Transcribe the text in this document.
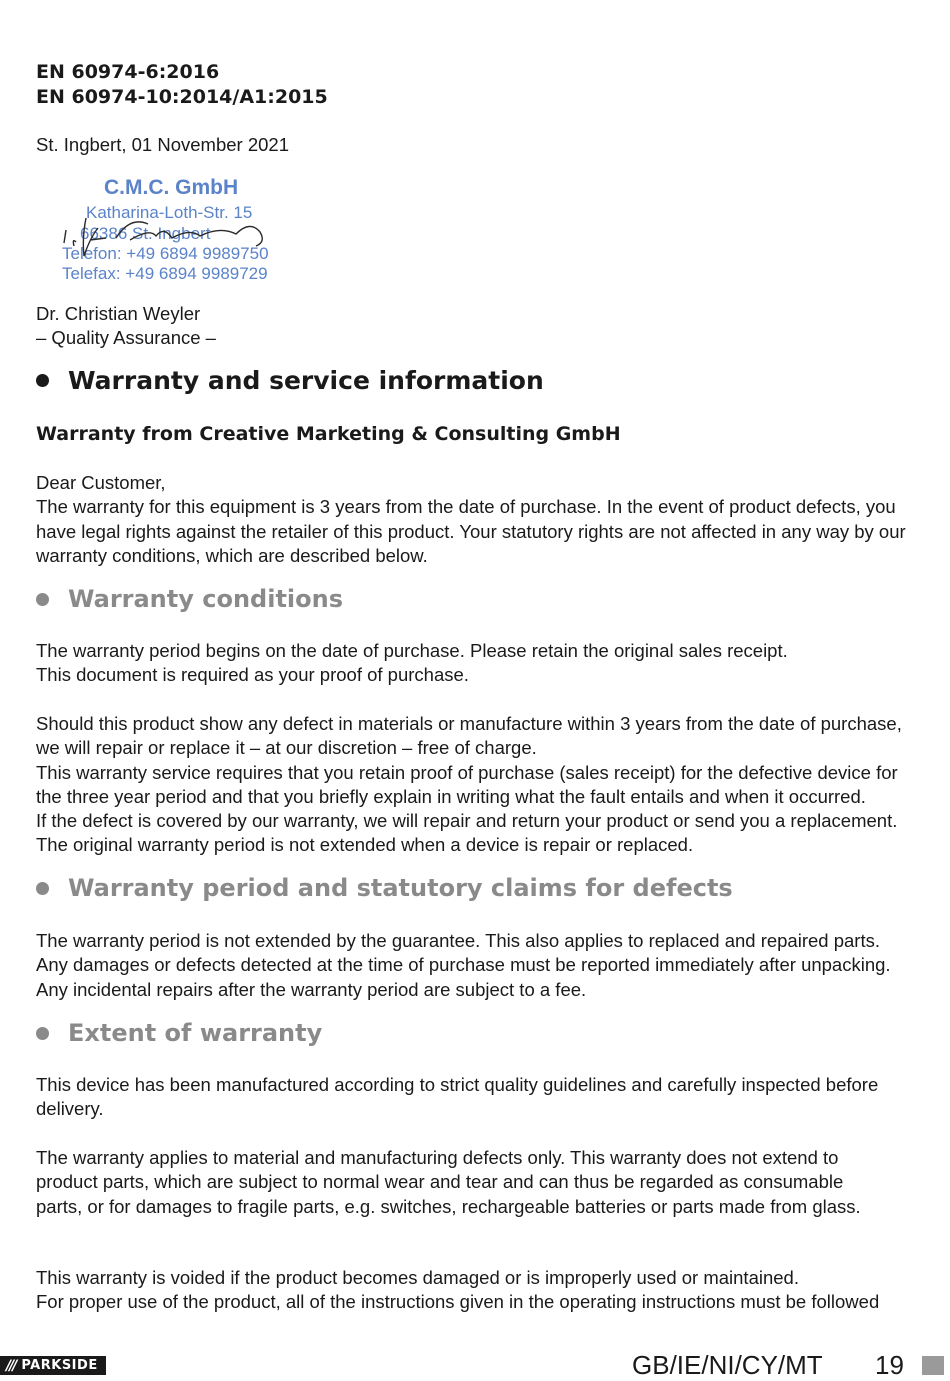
EN 60974-6:2016
EN 60974-10:2014/A1:2015
St. Ingbert, 01 November 2021
C.M.C. GmbH
Katharina-Loth-Str. 15
66386 St. Ingbert
Telefon: +49 6894 9989750
Telefax: +49 6894 9989729
Dr. Christian Weyler
– Quality Assurance –
Warranty and service information
Warranty from Creative Marketing & Consulting GmbH

Dear Customer,

The warranty for this equipment is 3 years from the date of purchase. In the event of product defects, you have legal rights against the retailer of this product. Your statutory rights are not affected in any way by our warranty conditions, which are described below.

Warranty conditions

The warranty period begins on the date of purchase. Please retain the original sales receipt.

This document is required as your proof of purchase.

Should this product show any defect in materials or manufacture within 3 years from the date of purchase, we will repair or replace it – at our discretion – free of charge.

This warranty service requires that you retain proof of purchase (sales receipt) for the defective device for the three year period and that you briefly explain in writing what the fault entails and when it occurred.

If the defect is covered by our warranty, we will repair and return your product or send you a replacement.

The original warranty period is not extended when a device is repair or replaced.

Warranty period and statutory claims for defects

The warranty period is not extended by the guarantee. This also applies to replaced and repaired parts.

Any damages or defects detected at the time of purchase must be reported immediately after unpacking.

Any incidental repairs after the warranty period are subject to a fee.

Extent of warranty

This device has been manufactured according to strict quality guidelines and carefully inspected before delivery.

The warranty applies to material and manufacturing defects only. This warranty does not extend to product parts, which are subject to normal wear and tear and can thus be regarded as consumable parts, or for damages to fragile parts, e.g. switches, rechargeable batteries or parts made from glass.

This warranty is voided if the product becomes damaged or is improperly used or maintained.

For proper use of the product, all of the instructions given in the operating instructions must be followed

/// PARKSIDE	GB/IE/NI/CY/MT 19
